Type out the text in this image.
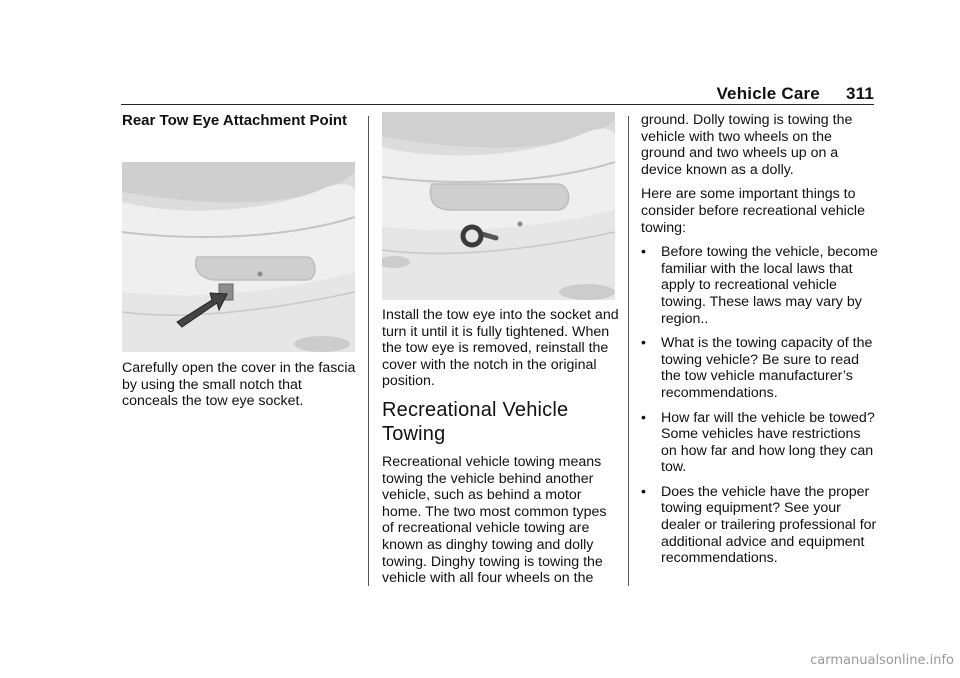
Vehicle Care 311

Rear Tow Eye Attachment Point

Carefully open the cover in the fascia by using the small notch that conceals the tow eye socket.

Install the tow eye into the socket and turn it until it is fully tightened. When the tow eye is removed, reinstall the cover with the notch in the original position.

Recreational Vehicle Towing

Recreational vehicle towing means towing the vehicle behind another vehicle, such as behind a motor home. The two most common types of recreational vehicle towing are known as dinghy towing and dolly towing. Dinghy towing is towing the vehicle with all four wheels on the

ground. Dolly towing is towing the vehicle with two wheels on the ground and two wheels up on a device known as a dolly.

Here are some important things to consider before recreational vehicle towing:

•	Before towing the vehicle, become familiar with the local laws that apply to recreational vehicle towing. These laws may vary by region..
•	What is the towing capacity of the towing vehicle? Be sure to read the tow vehicle manufacturer’s recommendations.
•	How far will the vehicle be towed? Some vehicles have restrictions on how far and how long they can tow.
•	Does the vehicle have the proper towing equipment? See your dealer or trailering professional for additional advice and equipment recommendations.
carmanualsonline.info
